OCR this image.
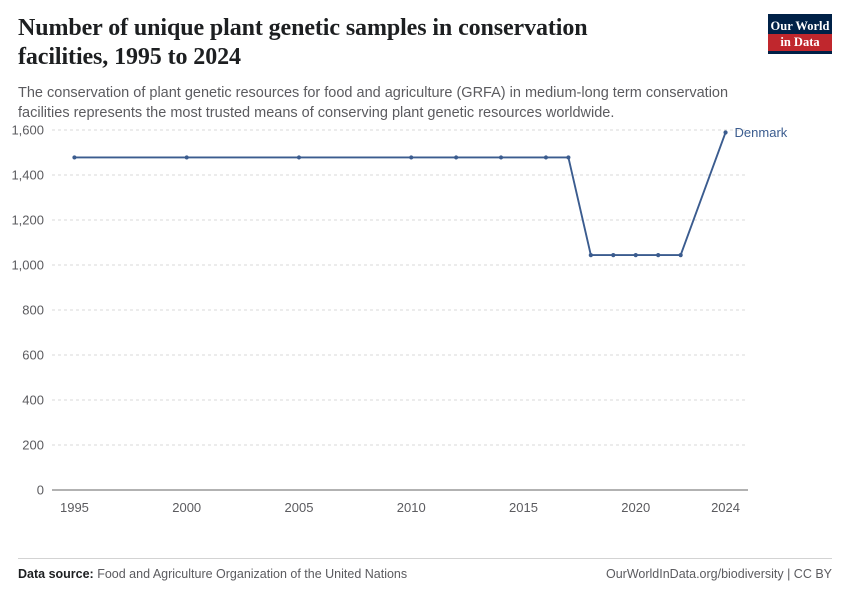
Number of unique plant genetic samples in conservation facilities, 1995 to 2024

The conservation of plant genetic resources for food and agriculture (GRFA) in medium-long term conservation facilities represents the most trusted means of conserving plant genetic resources worldwide.

Our World
in Data
0
200
400
600
800
1,000
1,200
1,400
1,600
1995	2000	2005	2010	2015	2020	2024
Denmark
Data source: Food and Agriculture Organization of the United Nations	OurWorldInData.org/biodiversity | CC BY
